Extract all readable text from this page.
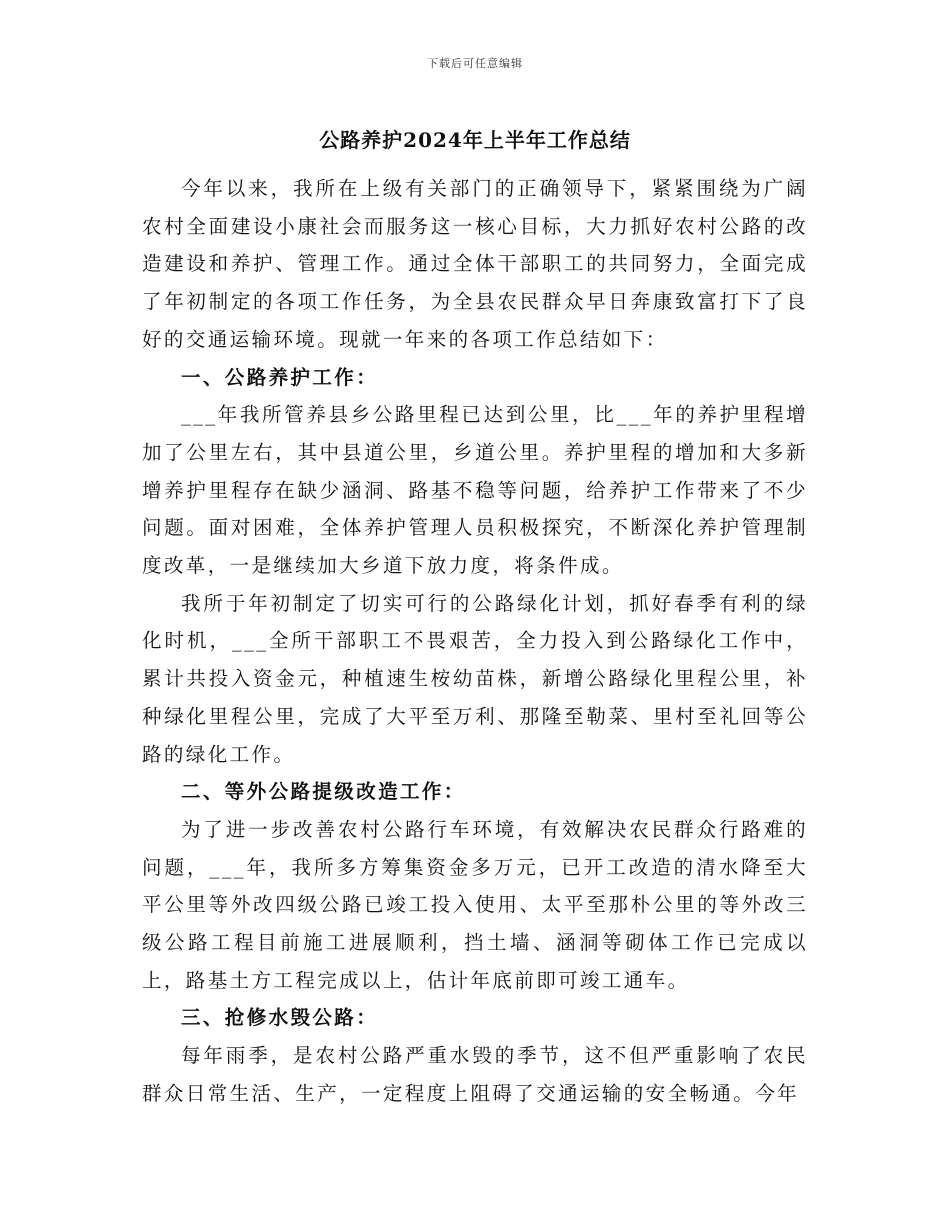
下载后可任意编辑
公路养护2024年上半年工作总结

今年以来，我所在上级有关部门的正确领导下，紧紧围绕为广阔农村全面建设小康社会而服务这一核心目标，大力抓好农村公路的改造建设和养护、管理工作。通过全体干部职工的共同努力，全面完成了年初制定的各项工作任务，为全县农民群众早日奔康致富打下了良好的交通运输环境。现就一年来的各项工作总结如下：

一、公路养护工作：

___年我所管养县乡公路里程已达到公里，比___年的养护里程增加了公里左右，其中县道公里，乡道公里。养护里程的增加和大多新增养护里程存在缺少涵洞、路基不稳等问题，给养护工作带来了不少问题。面对困难，全体养护管理人员积极探究，不断深化养护管理制度改革，一是继续加大乡道下放力度，将条件成。

我所于年初制定了切实可行的公路绿化计划，抓好春季有利的绿化时机，___全所干部职工不畏艰苦，全力投入到公路绿化工作中，累计共投入资金元，种植速生桉幼苗株，新增公路绿化里程公里，补种绿化里程公里，完成了大平至万利、那隆至勒菜、里村至礼回等公路的绿化工作。

二、等外公路提级改造工作：

为了进一步改善农村公路行车环境，有效解决农民群众行路难的问题，___年，我所多方筹集资金多万元，已开工改造的清水降至大平公里等外改四级公路已竣工投入使用、太平至那朴公里的等外改三级公路工程目前施工进展顺利，挡土墙、涵洞等砌体工作已完成以上，路基土方工程完成以上，估计年底前即可竣工通车。

三、抢修水毁公路：

每年雨季，是农村公路严重水毁的季节，这不但严重影响了农民群众日常生活、生产，一定程度上阻碍了交通运输的安全畅通。今年
